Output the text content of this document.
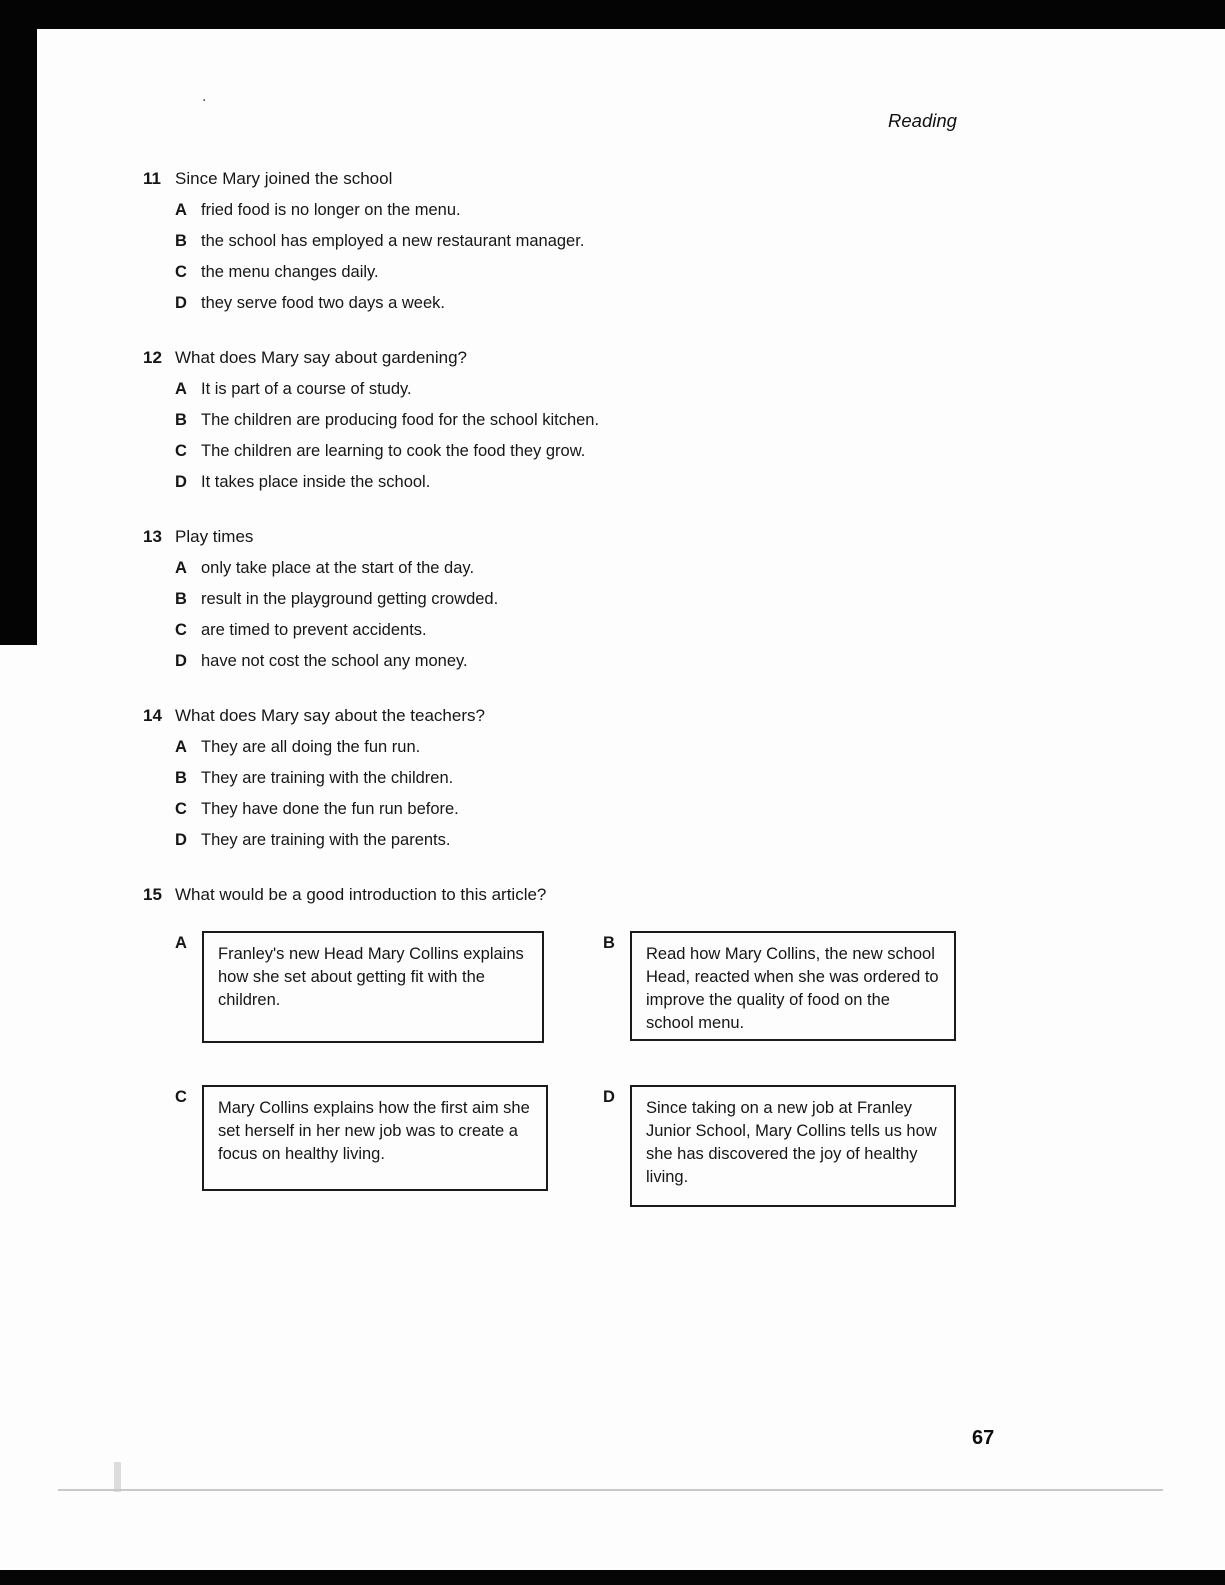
.
Reading
11 Since Mary joined the school
A fried food is no longer on the menu.
B the school has employed a new restaurant manager.
C the menu changes daily.
D they serve food two days a week.
12 What does Mary say about gardening?
A It is part of a course of study.
B The children are producing food for the school kitchen.
C The children are learning to cook the food they grow.
D It takes place inside the school.
13 Play times
A only take place at the start of the day.
B result in the playground getting crowded.
C are timed to prevent accidents.
D have not cost the school any money.
14 What does Mary say about the teachers?
A They are all doing the fun run.
B They are training with the children.
C They have done the fun run before.
D They are training with the parents.
15 What would be a good introduction to this article?
A
Franley's new Head Mary Collins explains how she set about getting fit with the children.
B
Read how Mary Collins, the new school Head, reacted when she was ordered to improve the quality of food on the school menu.
C
Mary Collins explains how the first aim she set herself in her new job was to create a focus on healthy living.
D
Since taking on a new job at Franley Junior School, Mary Collins tells us how she has discovered the joy of healthy living.
67
